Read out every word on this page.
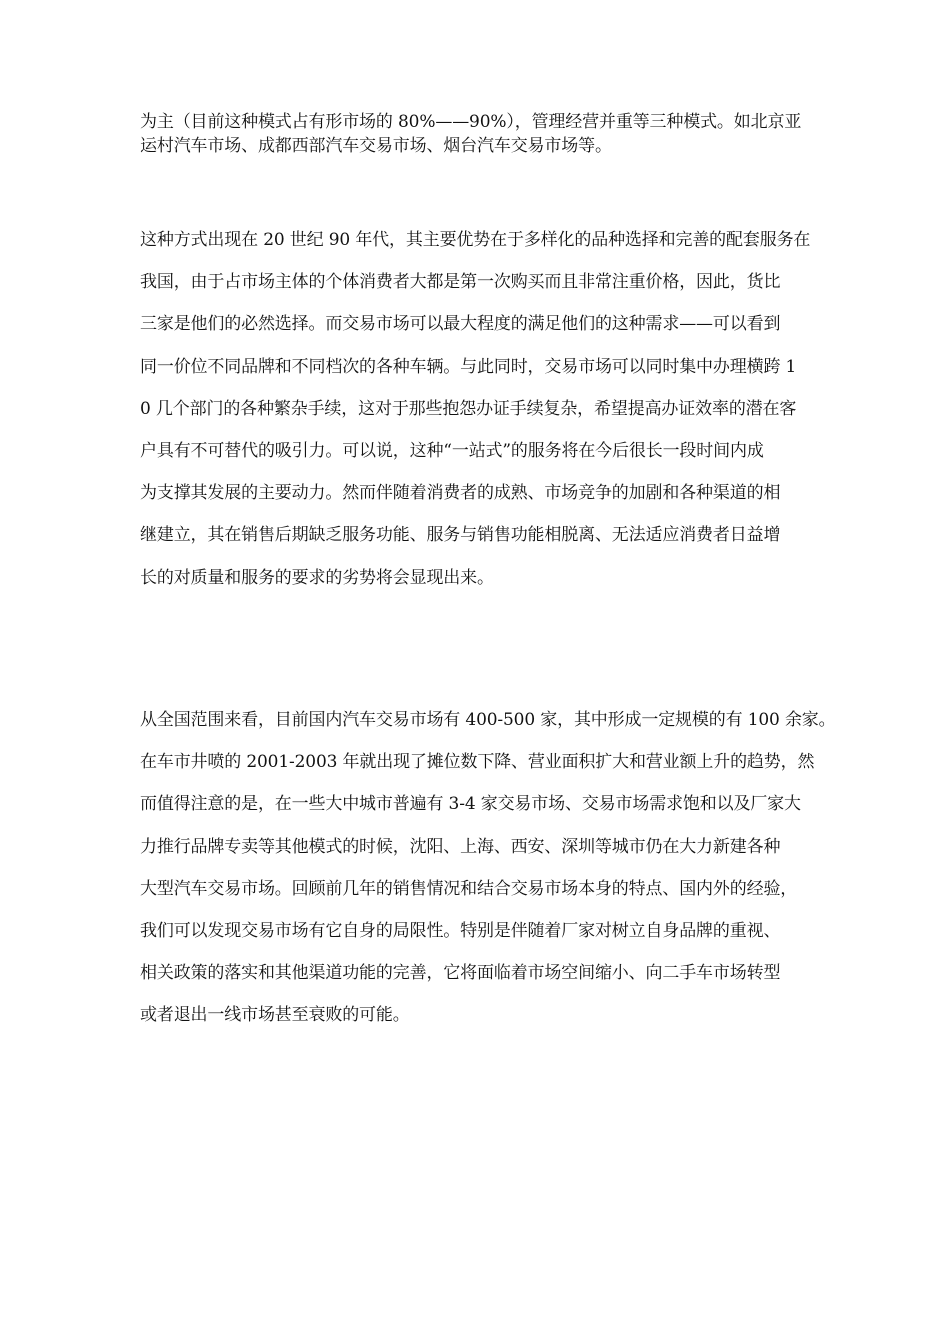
为主（目前这种模式占有形市场的 80%——90%），管理经营并重等三种模式。如北京亚
运村汽车市场、成都西部汽车交易市场、烟台汽车交易市场等。

这种方式出现在 20 世纪 90 年代，其主要优势在于多样化的品种选择和完善的配套服务在
我国，由于占市场主体的个体消费者大都是第一次购买而且非常注重价格，因此，货比
三家是他们的必然选择。而交易市场可以最大程度的满足他们的这种需求——可以看到
同一价位不同品牌和不同档次的各种车辆。与此同时，交易市场可以同时集中办理横跨 1
0 几个部门的各种繁杂手续，这对于那些抱怨办证手续复杂，希望提高办证效率的潜在客
户具有不可替代的吸引力。可以说，这种“一站式”的服务将在今后很长一段时间内成
为支撑其发展的主要动力。然而伴随着消费者的成熟、市场竞争的加剧和各种渠道的相
继建立，其在销售后期缺乏服务功能、服务与销售功能相脱离、无法适应消费者日益增
长的对质量和服务的要求的劣势将会显现出来。

从全国范围来看，目前国内汽车交易市场有 400-500 家，其中形成一定规模的有 100 余家。
在车市井喷的 2001-2003 年就出现了摊位数下降、营业面积扩大和营业额上升的趋势，然
而值得注意的是，在一些大中城市普遍有 3-4 家交易市场、交易市场需求饱和以及厂家大
力推行品牌专卖等其他模式的时候，沈阳、上海、西安、深圳等城市仍在大力新建各种
大型汽车交易市场。回顾前几年的销售情况和结合交易市场本身的特点、国内外的经验，
我们可以发现交易市场有它自身的局限性。特别是伴随着厂家对树立自身品牌的重视、
相关政策的落实和其他渠道功能的完善，它将面临着市场空间缩小、向二手车市场转型
或者退出一线市场甚至衰败的可能。
